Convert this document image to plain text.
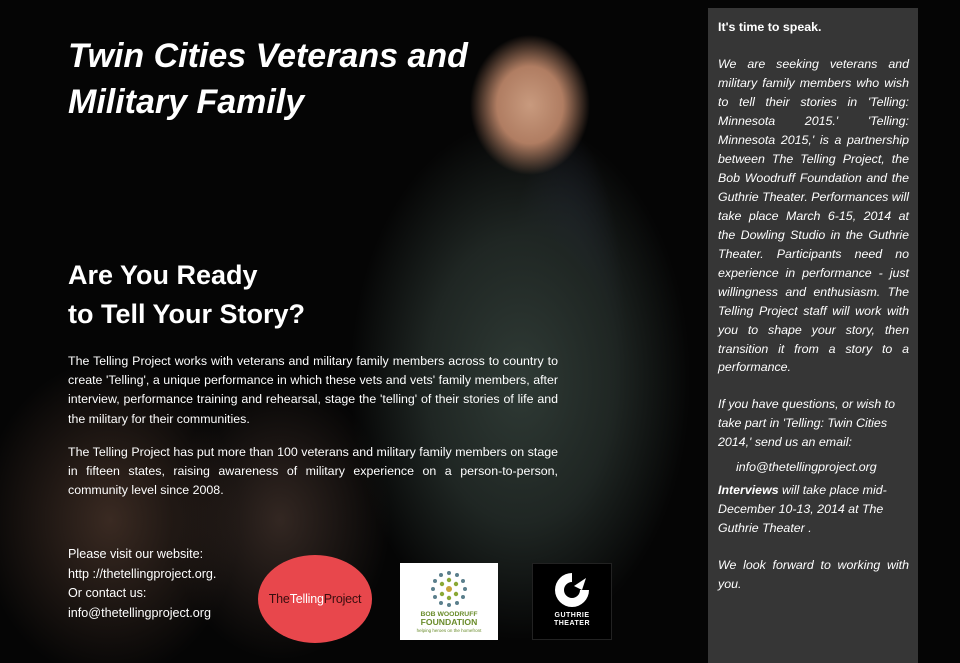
Twin Cities Veterans and Military Family
Are You Ready
to Tell Your Story?
The Telling Project works with veterans and military family members across to country to create 'Telling', a unique performance in which these vets and vets' family members, after interview, performance training and rehearsal, stage the 'telling' of their stories of life and the military for their communities.
The Telling Project has put more than 100 veterans and military family members on stage in fifteen states, raising awareness of military experience on a person-to-person, community level since 2008.
Please visit our website:
http ://thetellingproject.org.
Or contact us:
info@thetellingproject.org
TheTellingProject
BOB WOODRUFF
FOUNDATION
helping heroes on the homefront
GUTHRIE
THEATER
It's time to speak.
We are seeking veterans and military family members who wish to tell their stories in 'Telling: Minnesota 2015.' 'Telling: Minnesota 2015,' is a partnership between The Telling Project, the Bob Woodruff Foundation and the Guthrie Theater. Performances will take place March 6-15, 2014 at the Dowling Studio in the Guthrie Theater. Participants need no experience in performance - just willingness and enthusiasm. The Telling Project staff will work with you to shape your story, then transition it from a story to a performance.
If you have questions, or wish to take part in 'Telling: Twin Cities 2014,' send us an email:
info@thetellingproject.org
Interviews will take place mid-December 10-13, 2014 at The Guthrie Theater .
We look forward to working with you.
